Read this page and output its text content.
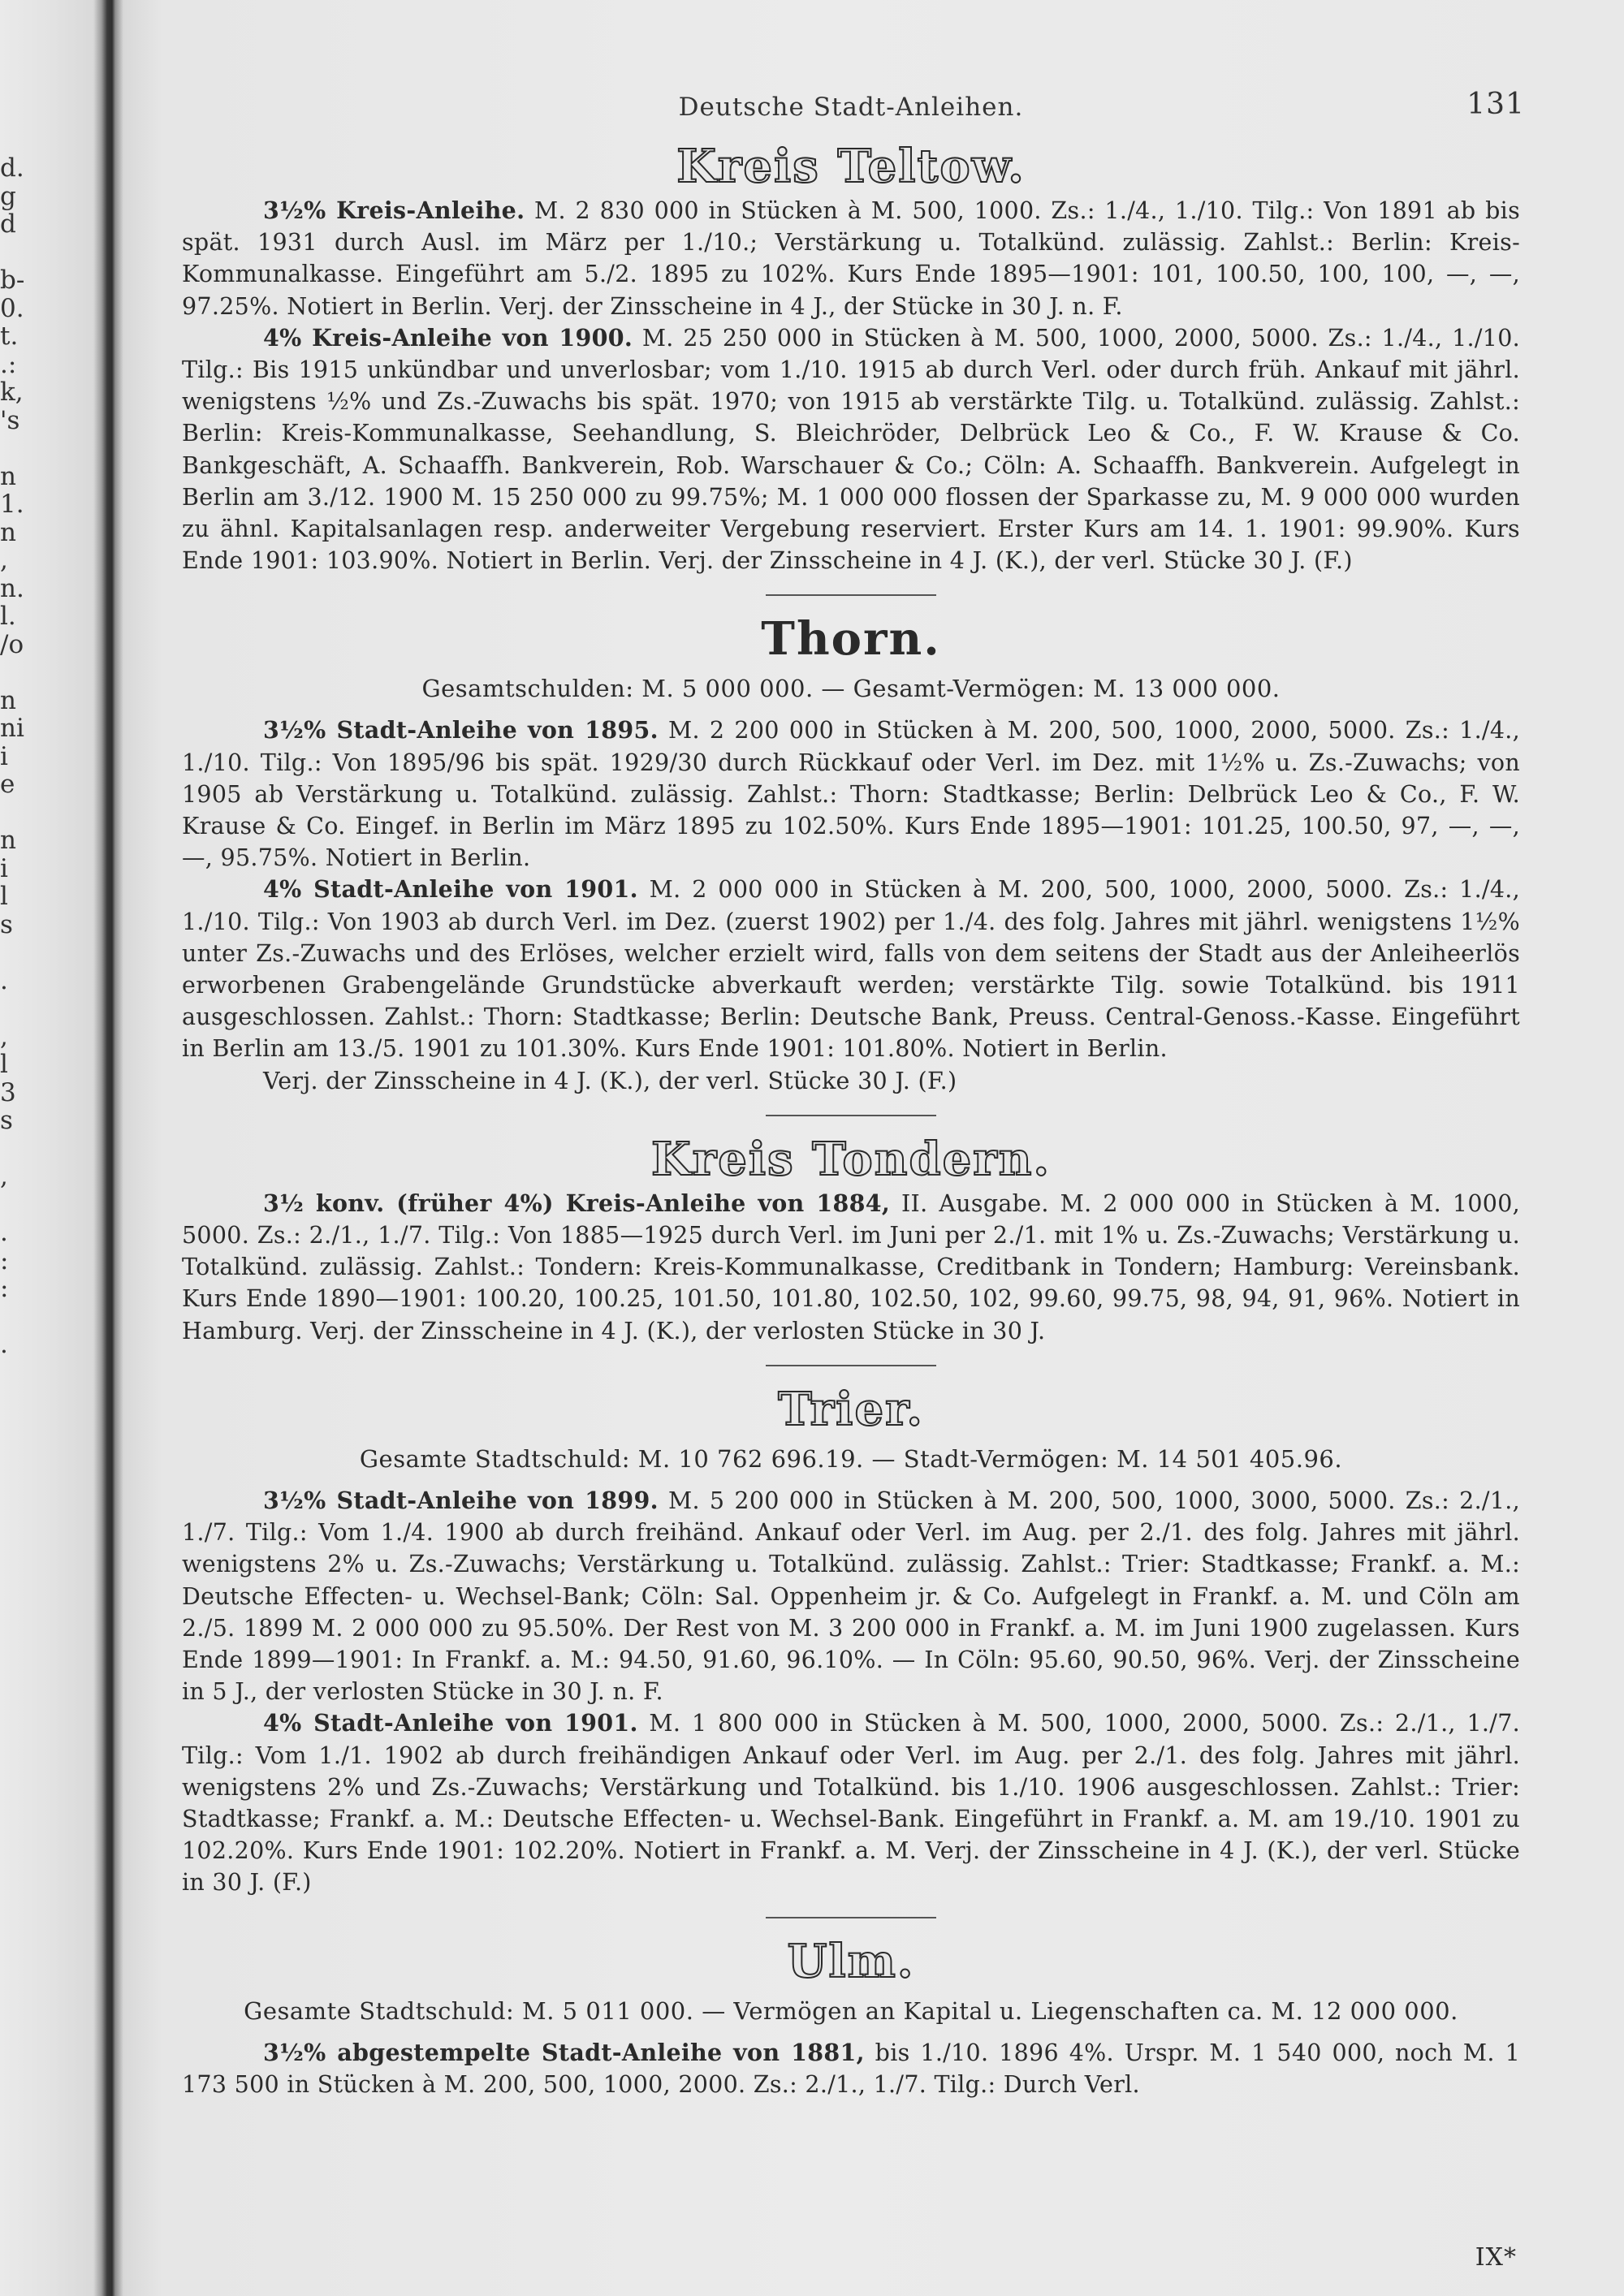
d.
g
d

b-
0.
t.
.:
k,
's

n
1.
n
,
n.
l.
/o

n
ni
i
e

n
i
l
s

.

,
l
3
s

,

.
:
:

.
Deutsche Stadt-Anleihen.	131
Kreis Teltow.

3½% Kreis-Anleihe. M. 2 830 000 in Stücken à M. 500, 1000. Zs.: 1./4., 1./10. Tilg.: Von 1891 ab bis spät. 1931 durch Ausl. im März per 1./10.; Verstärkung u. Totalkünd. zulässig. Zahlst.: Berlin: Kreis-Kommunalkasse. Eingeführt am 5./2. 1895 zu 102%. Kurs Ende 1895—1901: 101, 100.50, 100, 100, —, —, 97.25%. Notiert in Berlin. Verj. der Zinsscheine in 4 J., der Stücke in 30 J. n. F.

4% Kreis-Anleihe von 1900. M. 25 250 000 in Stücken à M. 500, 1000, 2000, 5000. Zs.: 1./4., 1./10. Tilg.: Bis 1915 unkündbar und unverlosbar; vom 1./10. 1915 ab durch Verl. oder durch früh. Ankauf mit jährl. wenigstens ½% und Zs.-Zuwachs bis spät. 1970; von 1915 ab verstärkte Tilg. u. Totalkünd. zulässig. Zahlst.: Berlin: Kreis-Kommunalkasse, Seehandlung, S. Bleichröder, Delbrück Leo & Co., F. W. Krause & Co. Bankgeschäft, A. Schaaffh. Bankverein, Rob. Warschauer & Co.; Cöln: A. Schaaffh. Bankverein. Aufgelegt in Berlin am 3./12. 1900 M. 15 250 000 zu 99.75%; M. 1 000 000 flossen der Sparkasse zu, M. 9 000 000 wurden zu ähnl. Kapitalsanlagen resp. anderweiter Vergebung reserviert. Erster Kurs am 14. 1. 1901: 99.90%. Kurs Ende 1901: 103.90%. Notiert in Berlin. Verj. der Zinsscheine in 4 J. (K.), der verl. Stücke 30 J. (F.)

Thorn.
Gesamtschulden: M. 5 000 000. — Gesamt-Vermögen: M. 13 000 000.

3½% Stadt-Anleihe von 1895. M. 2 200 000 in Stücken à M. 200, 500, 1000, 2000, 5000. Zs.: 1./4., 1./10. Tilg.: Von 1895/96 bis spät. 1929/30 durch Rückkauf oder Verl. im Dez. mit 1½% u. Zs.-Zuwachs; von 1905 ab Verstärkung u. Totalkünd. zulässig. Zahlst.: Thorn: Stadtkasse; Berlin: Delbrück Leo & Co., F. W. Krause & Co. Eingef. in Berlin im März 1895 zu 102.50%. Kurs Ende 1895—1901: 101.25, 100.50, 97, —, —, —, 95.75%. Notiert in Berlin.

4% Stadt-Anleihe von 1901. M. 2 000 000 in Stücken à M. 200, 500, 1000, 2000, 5000. Zs.: 1./4., 1./10. Tilg.: Von 1903 ab durch Verl. im Dez. (zuerst 1902) per 1./4. des folg. Jahres mit jährl. wenigstens 1½% unter Zs.-Zuwachs und des Erlöses, welcher erzielt wird, falls von dem seitens der Stadt aus der Anleiheerlös erworbenen Grabengelände Grundstücke abverkauft werden; verstärkte Tilg. sowie Totalkünd. bis 1911 ausgeschlossen. Zahlst.: Thorn: Stadtkasse; Berlin: Deutsche Bank, Preuss. Central-Genoss.-Kasse. Eingeführt in Berlin am 13./5. 1901 zu 101.30%. Kurs Ende 1901: 101.80%. Notiert in Berlin.

Verj. der Zinsscheine in 4 J. (K.), der verl. Stücke 30 J. (F.)

Kreis Tondern.

3½ konv. (früher 4%) Kreis-Anleihe von 1884, II. Ausgabe. M. 2 000 000 in Stücken à M. 1000, 5000. Zs.: 2./1., 1./7. Tilg.: Von 1885—1925 durch Verl. im Juni per 2./1. mit 1% u. Zs.-Zuwachs; Verstärkung u. Totalkünd. zulässig. Zahlst.: Tondern: Kreis-Kommunalkasse, Creditbank in Tondern; Hamburg: Vereinsbank. Kurs Ende 1890—1901: 100.20, 100.25, 101.50, 101.80, 102.50, 102, 99.60, 99.75, 98, 94, 91, 96%. Notiert in Hamburg. Verj. der Zinsscheine in 4 J. (K.), der verlosten Stücke in 30 J.

Trier.
Gesamte Stadtschuld: M. 10 762 696.19. — Stadt-Vermögen: M. 14 501 405.96.

3½% Stadt-Anleihe von 1899. M. 5 200 000 in Stücken à M. 200, 500, 1000, 3000, 5000. Zs.: 2./1., 1./7. Tilg.: Vom 1./4. 1900 ab durch freihänd. Ankauf oder Verl. im Aug. per 2./1. des folg. Jahres mit jährl. wenigstens 2% u. Zs.-Zuwachs; Verstärkung u. Totalkünd. zulässig. Zahlst.: Trier: Stadtkasse; Frankf. a. M.: Deutsche Effecten- u. Wechsel-Bank; Cöln: Sal. Oppenheim jr. & Co. Aufgelegt in Frankf. a. M. und Cöln am 2./5. 1899 M. 2 000 000 zu 95.50%. Der Rest von M. 3 200 000 in Frankf. a. M. im Juni 1900 zugelassen. Kurs Ende 1899—1901: In Frankf. a. M.: 94.50, 91.60, 96.10%. — In Cöln: 95.60, 90.50, 96%. Verj. der Zinsscheine in 5 J., der verlosten Stücke in 30 J. n. F.

4% Stadt-Anleihe von 1901. M. 1 800 000 in Stücken à M. 500, 1000, 2000, 5000. Zs.: 2./1., 1./7. Tilg.: Vom 1./1. 1902 ab durch freihändigen Ankauf oder Verl. im Aug. per 2./1. des folg. Jahres mit jährl. wenigstens 2% und Zs.-Zuwachs; Verstärkung und Totalkünd. bis 1./10. 1906 ausgeschlossen. Zahlst.: Trier: Stadtkasse; Frankf. a. M.: Deutsche Effecten- u. Wechsel-Bank. Eingeführt in Frankf. a. M. am 19./10. 1901 zu 102.20%. Kurs Ende 1901: 102.20%. Notiert in Frankf. a. M. Verj. der Zinsscheine in 4 J. (K.), der verl. Stücke in 30 J. (F.)

Ulm.
Gesamte Stadtschuld: M. 5 011 000. — Vermögen an Kapital u. Liegenschaften ca. M. 12 000 000.

3½% abgestempelte Stadt-Anleihe von 1881, bis 1./10. 1896 4%. Urspr. M. 1 540 000, noch M. 1 173 500 in Stücken à M. 200, 500, 1000, 2000. Zs.: 2./1., 1./7. Tilg.: Durch Verl.

IX*
